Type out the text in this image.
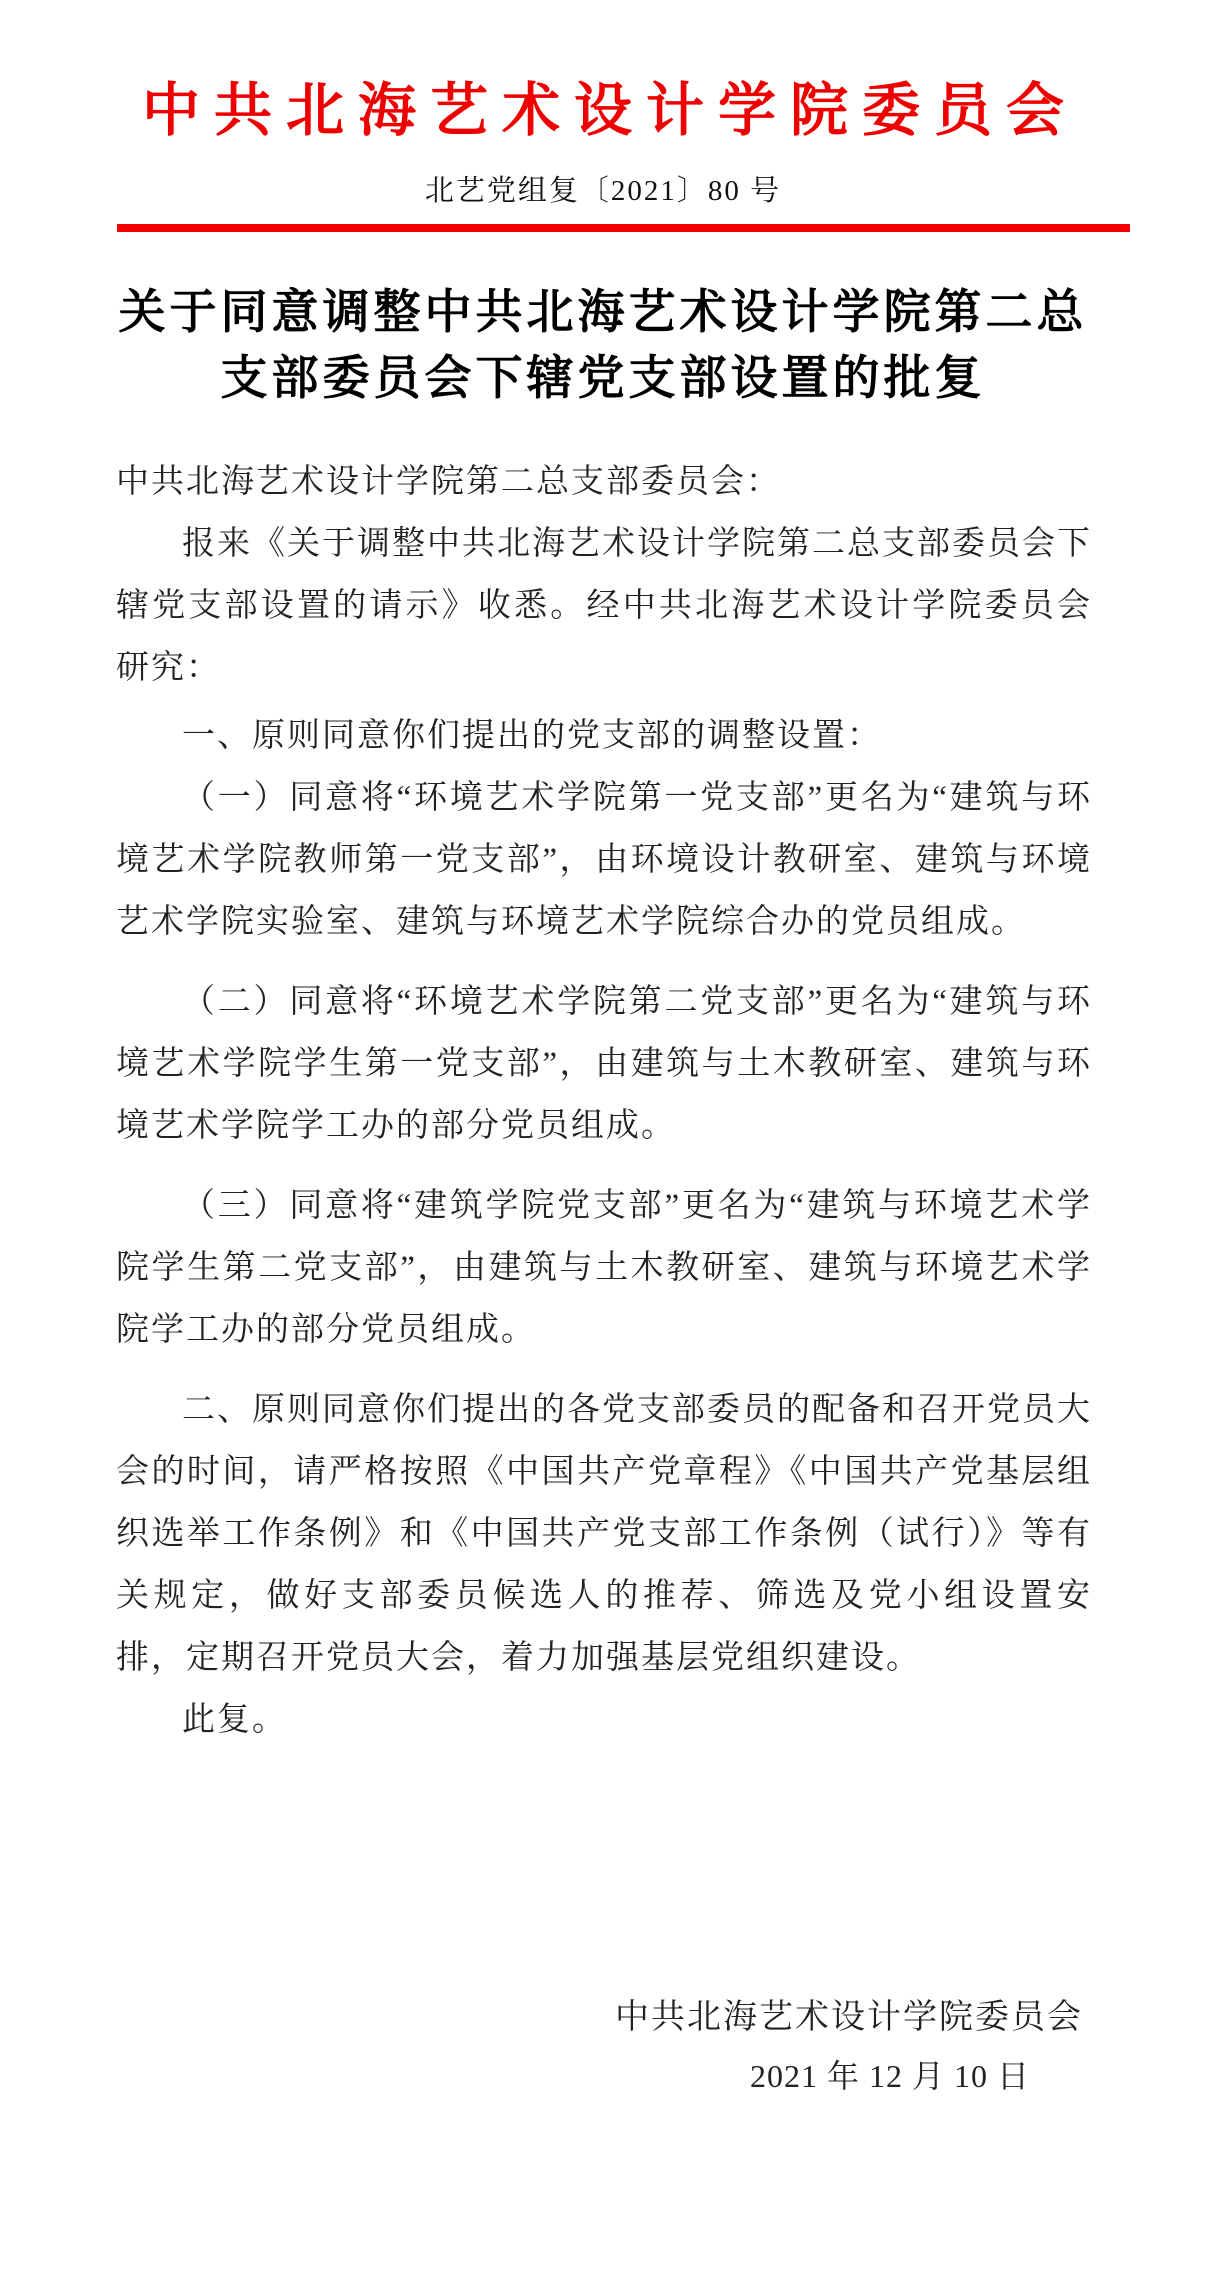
中共北海艺术设计学院委员会
北艺党组复〔2021〕80 号
关于同意调整中共北海艺术设计学院第二总
支部委员会下辖党支部设置的批复

中共北海艺术设计学院第二总支部委员会：

报来《关于调整中共北海艺术设计学院第二总支部委员会下辖党支部设置的请示》收悉。经中共北海艺术设计学院委员会研究：

一、原则同意你们提出的党支部的调整设置：

（一）同意将“环境艺术学院第一党支部”更名为“建筑与环境艺术学院教师第一党支部”，由环境设计教研室、建筑与环境艺术学院实验室、建筑与环境艺术学院综合办的党员组成。

（二）同意将“环境艺术学院第二党支部”更名为“建筑与环境艺术学院学生第一党支部”，由建筑与土木教研室、建筑与环境艺术学院学工办的部分党员组成。

（三）同意将“建筑学院党支部”更名为“建筑与环境艺术学院学生第二党支部”，由建筑与土木教研室、建筑与环境艺术学院学工办的部分党员组成。

二、原则同意你们提出的各党支部委员的配备和召开党员大会的时间，请严格按照《中国共产党章程》《中国共产党基层组织选举工作条例》和《中国共产党支部工作条例（试行）》等有关规定，做好支部委员候选人的推荐、筛选及党小组设置安排，定期召开党员大会，着力加强基层党组织建设。

此复。

中共北海艺术设计学院委员会
2021 年 12 月 10 日
